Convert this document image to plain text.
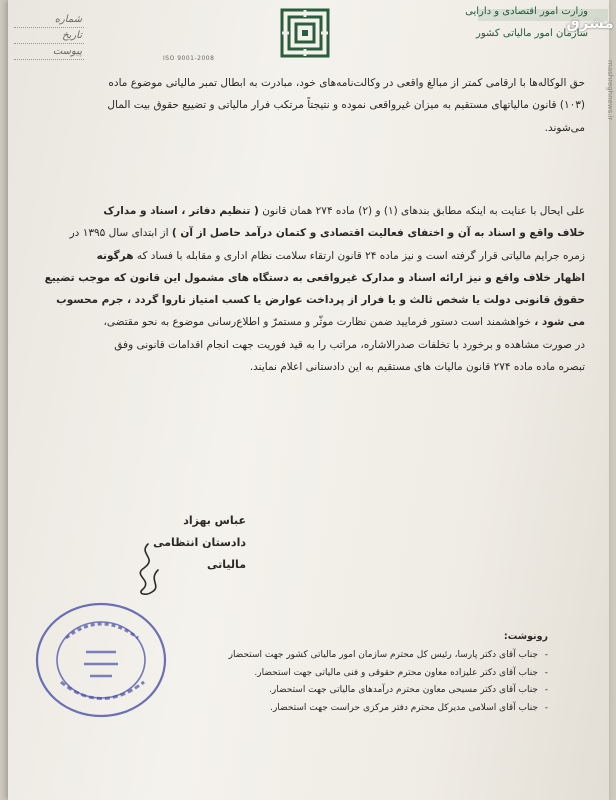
شماره
تاریخ
پیوست
ISO 9001-2008
وزارت امور اقتصادی و دارایی
سازمان امور مالیاتی کشور
مشرق
mashreghnews.ir
حق الوکاله‌ها با ارقامی کمتر از مبالغ واقعی در وکالت‌نامه‌های خود، مبادرت به ابطال تمبر مالیاتی موضوع ماده
(۱۰۳) قانون مالیاتهای مستقیم به میزان غیرواقعی نموده و نتیجتاً مرتکب فرار مالیاتی و تضییع حقوق بیت المال
می‌شوند.
علی ایحال با عنایت به اینکه مطابق بندهای (۱) و (۲) ماده ۲۷۴ همان قانون ( تنظیم دفاتر ، اسناد و مدارک
خلاف واقع و اسناد به آن و اختفای فعالیت اقتصادی و کتمان درآمد حاصل از آن ) از ابتدای سال ۱۳۹۵ در
زمره جرایم مالیاتی قرار گرفته است و نیز ماده ۲۴ قانون ارتقاء سلامت نظام اداری و مقابله با فساد که هرگونه
اظهار خلاف واقع و نیز ارائه اسناد و مدارک غیرواقعی به دستگاه های مشمول این قانون که موجب تضییع
حقوق قانونی دولت یا شخص ثالث و یا فرار از پرداخت عوارض یا کسب امتیاز ناروا گردد ، جرم محسوب
می شود ، خواهشمند است دستور فرمایید ضمن نظارت موثّر و مستمرّ و اطلاع‌رسانی موضوع به نحو مقتضی،
در صورت مشاهده و برخورد با تخلفات صدرالاشاره، مراتب را به قید فوریت جهت انجام اقدامات قانونی وفق
تبصره ماده ماده ۲۷۴ قانون مالیات های مستقیم به این دادستانی اعلام نمایند.
عباس بهزاد
دادستان انتظامی مالیاتی
رونوشت:
- جناب آقای دکتر پارسا، رئیس کل محترم سازمان امور مالیاتی کشور جهت استحضار
- جناب آقای دکتر علیزاده معاون محترم حقوقی و فنی مالیاتی جهت استحضار.
- جناب آقای دکتر مسیحی معاون محترم درآمدهای مالیاتی جهت استحضار.
- جناب آقای اسلامی مدیرکل محترم دفتر مرکزی حراست جهت استحضار.
